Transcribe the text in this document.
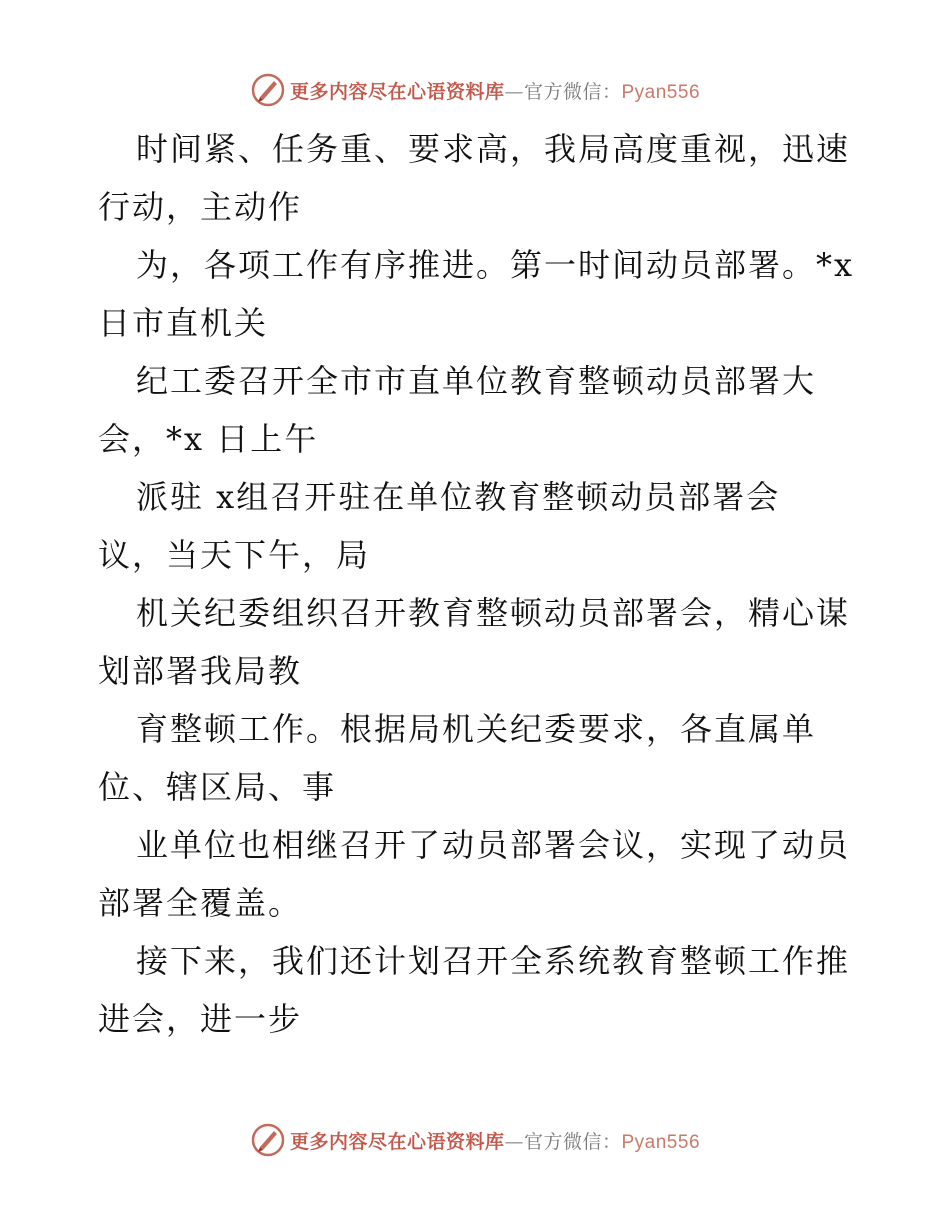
更多内容尽在心语资料库—官方微信：Pyan556
时间紧、任务重、要求高，我局高度重视，迅速
行动，主动作
为，各项工作有序推进。第一时间动员部署。*x
日市直机关
纪工委召开全市市直单位教育整顿动员部署大
会，*x 日上午
派驻 x组召开驻在单位教育整顿动员部署会
议，当天下午，局
机关纪委组织召开教育整顿动员部署会，精心谋
划部署我局教
育整顿工作。根据局机关纪委要求，各直属单
位、辖区局、事
业单位也相继召开了动员部署会议，实现了动员
部署全覆盖。
接下来，我们还计划召开全系统教育整顿工作推
进会，进一步
更多内容尽在心语资料库—官方微信：Pyan556
